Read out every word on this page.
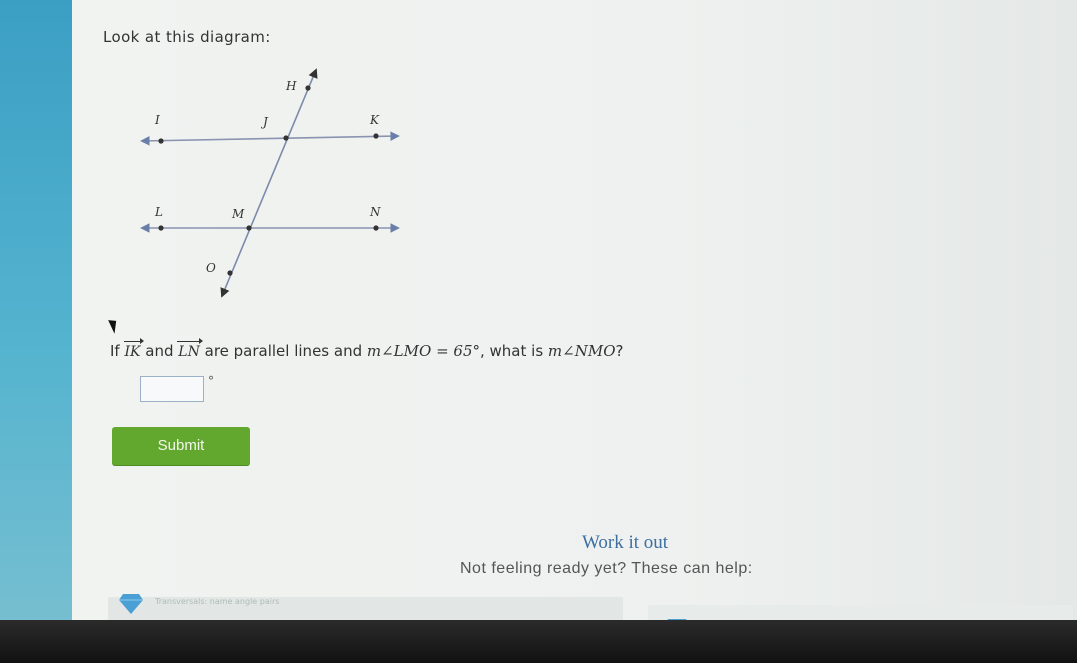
Look at this diagram:
H
I	J	K
L	M	N
O
If IK and LN are parallel lines and m∠LMO = 65°, what is m∠NMO?
°
Submit
Work it out
Not feeling ready yet? These can help:
Transversals: name angle pairs
